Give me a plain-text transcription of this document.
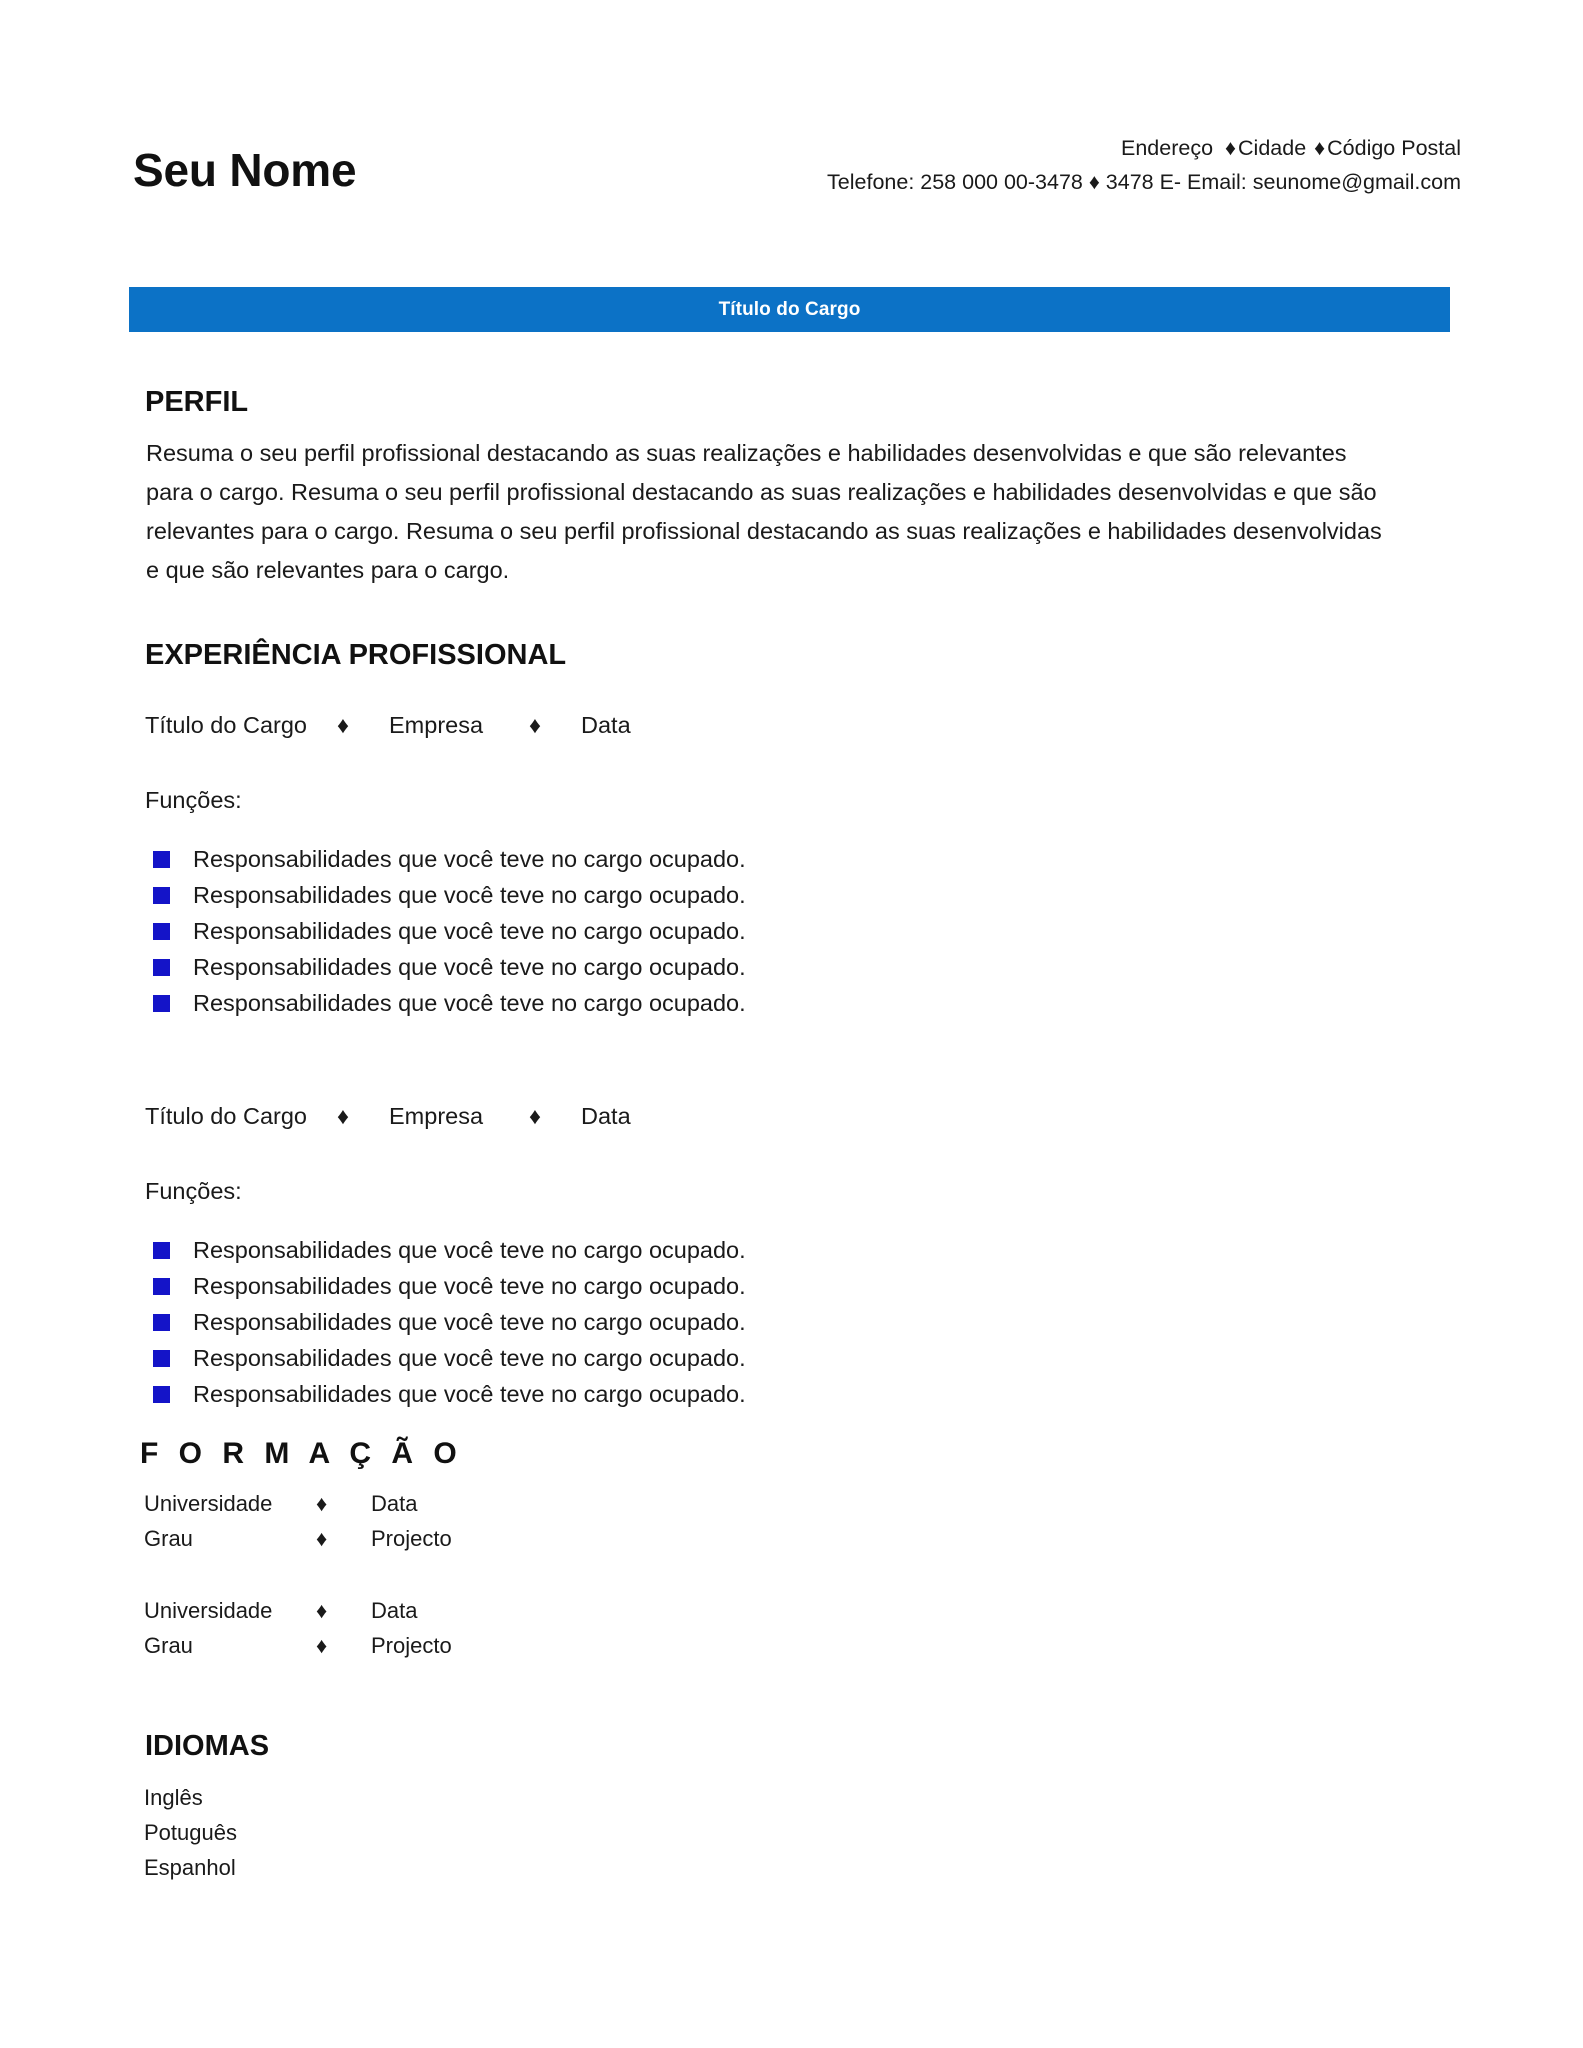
Seu Nome	Endereço ♦Cidade ♦Código Postal
Telefone: 258 000 00-3478 ♦ 3478 E- Email: seunome@gmail.com
Título do Cargo
PERFIL
Resuma o seu perfil profissional destacando as suas realizações e habilidades desenvolvidas e que são relevantes para o cargo. Resuma o seu perfil profissional destacando as suas realizações e habilidades desenvolvidas e que são relevantes para o cargo. Resuma o seu perfil profissional destacando as suas realizações e habilidades desenvolvidas e que são relevantes para o cargo.
EXPERIÊNCIA PROFISSIONAL
Título do Cargo	♦	Empresa	♦	Data
Funções:
Responsabilidades que você teve no cargo ocupado.
Responsabilidades que você teve no cargo ocupado.
Responsabilidades que você teve no cargo ocupado.
Responsabilidades que você teve no cargo ocupado.
Responsabilidades que você teve no cargo ocupado.
Título do Cargo	♦	Empresa	♦	Data
Funções:
Responsabilidades que você teve no cargo ocupado.
Responsabilidades que você teve no cargo ocupado.
Responsabilidades que você teve no cargo ocupado.
Responsabilidades que você teve no cargo ocupado.
Responsabilidades que você teve no cargo ocupado.
F O R M A Ç Ã O
Universidade	♦	Data
Grau	♦	Projecto
Universidade	♦	Data
Grau	♦	Projecto
IDIOMAS
Inglês
Potuguês
Espanhol
